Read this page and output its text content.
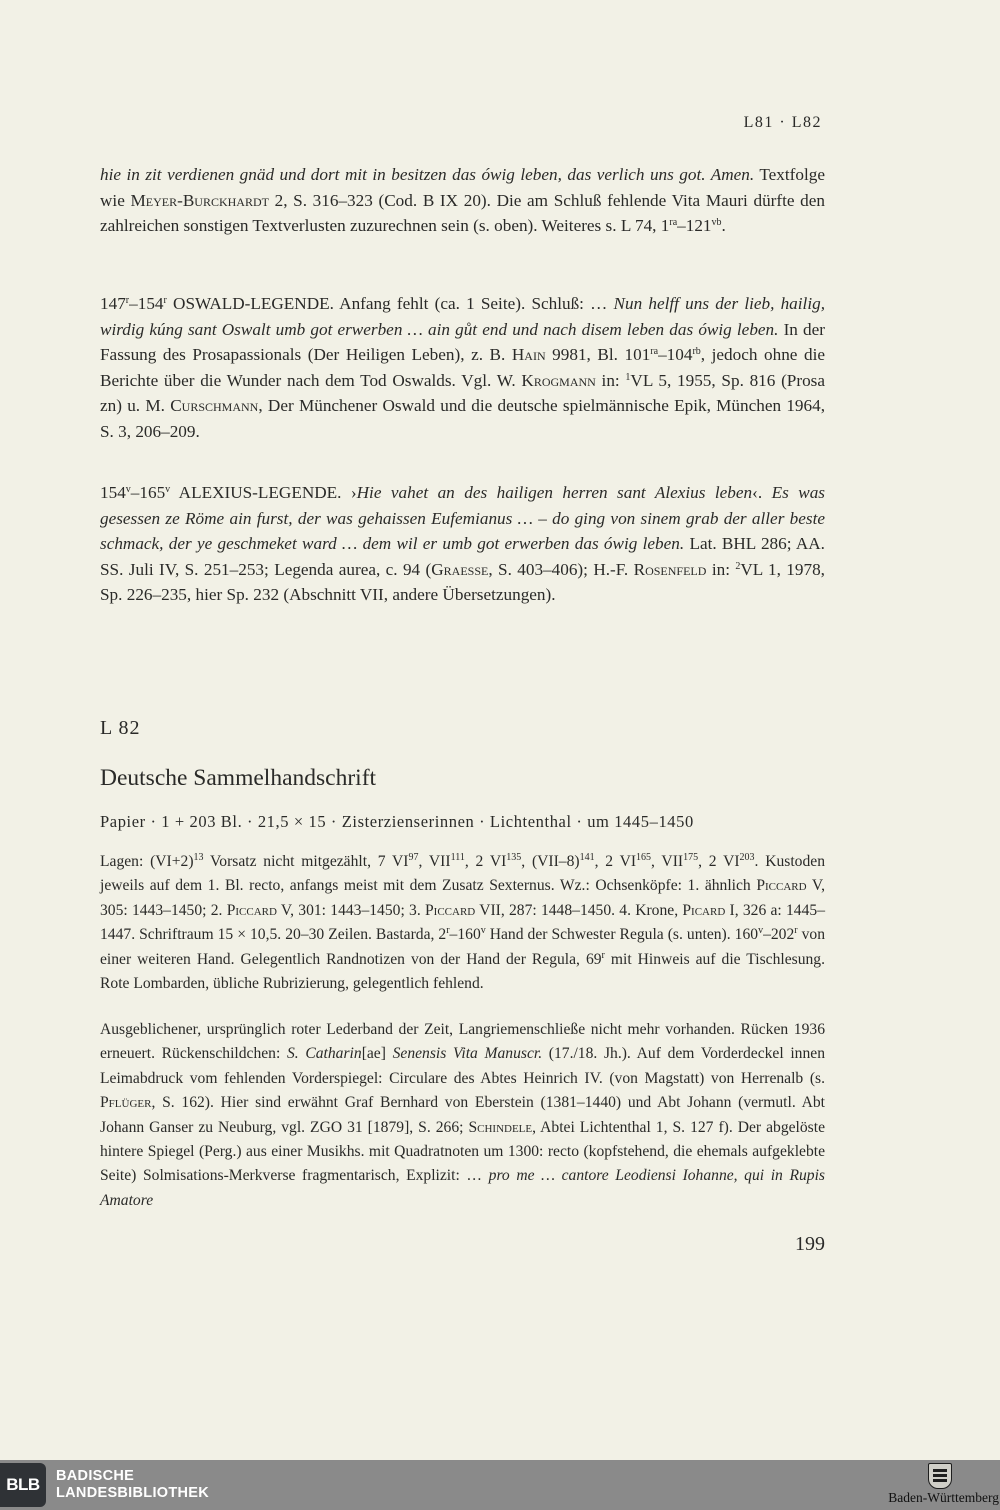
L81 · L82

hie in zit verdienen gnäd und dort mit in besitzen das ówig leben, das verlich uns got. Amen. Textfolge wie Meyer-Burckhardt 2, S. 316–323 (Cod. B IX 20). Die am Schluß fehlende Vita Mauri dürfte den zahlreichen sonstigen Textverlusten zuzurechnen sein (s. oben). Weiteres s. L 74, $1^{ra}-121^{vb}$.

147$^r$–154$^r$ OSWALD-LEGENDE. Anfang fehlt (ca. 1 Seite). Schluß: … Nun helff uns der lieb, hailig, wirdig kúng sant Oswalt umb got erwerben … ain gůt end und nach disem leben das ówig leben. In der Fassung des Prosapassionals (Der Heiligen Leben), z. B. Hain 9981, Bl. $101^{ra}-104^{rb}$, jedoch ohne die Berichte über die Wunder nach dem Tod Oswalds. Vgl. W. Krogmann in: $^1$VL 5, 1955, Sp. 816 (Prosa zn) u. M. Curschmann, Der Münchener Oswald und die deutsche spielmännische Epik, München 1964, S. 3, 206–209.

154$^v$–165$^v$ ALEXIUS-LEGENDE. ›Hie vahet an des hailigen herren sant Alexius leben‹. Es was gesessen ze Röme ain furst, der was gehaissen Eufemianus … – do ging von sinem grab der aller beste schmack, der ye geschmeket ward … dem wil er umb got erwerben das ówig leben. Lat. BHL 286; AA. SS. Juli IV, S. 251–253; Legenda aurea, c. 94 (Graesse, S. 403–406); H.-F. Rosenfeld in: $^2$VL 1, 1978, Sp. 226–235, hier Sp. 232 (Abschnitt VII, andere Übersetzungen).

L 82
Deutsche Sammelhandschrift
Papier · 1 + 203 Bl. · 21,5 × 15 · Zisterzienserinnen · Lichtenthal · um 1445–1450

Lagen: $(VI+2)^{13}$ Vorsatz nicht mitgezählt, 7 VI$^{97}$, VII$^{111}$, 2 VI$^{135}$, $(VII-8)^{141}$, 2 VI$^{165}$, VII$^{175}$, 2 VI$^{203}$. Kustoden jeweils auf dem 1. Bl. recto, anfangs meist mit dem Zusatz Sexternus. Wz.: Ochsenköpfe: 1. ähnlich Piccard V, 305: 1443–1450; 2. Piccard V, 301: 1443–1450; 3. Piccard VII, 287: 1448–1450. 4. Krone, Picard I, 326 a: 1445–1447. Schriftraum 15 × 10,5. 20–30 Zeilen. Bastarda, 2$^r$–160$^v$ Hand der Schwester Regula (s. unten). 160$^v$–202$^r$ von einer weiteren Hand. Gelegentlich Randnotizen von der Hand der Regula, 69$^r$ mit Hinweis auf die Tischlesung. Rote Lombarden, übliche Rubrizierung, gelegentlich fehlend.

Ausgeblichener, ursprünglich roter Lederband der Zeit, Langriemenschließe nicht mehr vorhanden. Rücken 1936 erneuert. Rückenschildchen: S. Catharin[ae] Senensis Vita Manuscr. (17./18. Jh.). Auf dem Vorderdeckel innen Leimabdruck vom fehlenden Vorderspiegel: Circulare des Abtes Heinrich IV. (von Magstatt) von Herrenalb (s. Pflüger, S. 162). Hier sind erwähnt Graf Bernhard von Eberstein (1381–1440) und Abt Johann (vermutl. Abt Johann Ganser zu Neuburg, vgl. ZGO 31 [1879], S. 266; Schindele, Abtei Lichtenthal 1, S. 127 f). Der abgelöste hintere Spiegel (Perg.) aus einer Musikhs. mit Quadratnoten um 1300: recto (kopfstehend, die ehemals aufgeklebte Seite) Solmisations-Merkverse fragmentarisch, Explizit: … pro me … cantore Leodiensi Iohanne, qui in Rupis Amatore

199
BLB	BADISCHE
LANDESBIBLIOTHEK	Baden-Württemberg
